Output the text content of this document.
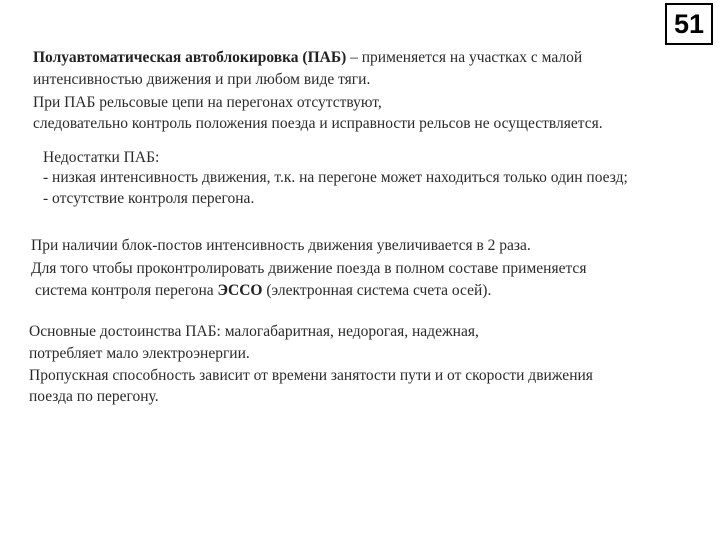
51
Полуавтоматическая автоблокировка (ПАБ) – применяется на участках с малой
интенсивностью движения и при любом виде тяги.
При ПАБ рельсовые цепи на перегонах отсутствуют,
следовательно контроль положения поезда и исправности рельсов не осуществляется.
Недостатки ПАБ:
- низкая интенсивность движения, т.к. на перегоне может находиться только один поезд;
- отсутствие контроля перегона.
При наличии блок-постов интенсивность движения увеличивается в 2 раза.
Для того чтобы проконтролировать движение поезда в полном составе применяется
система контроля перегона ЭССО (электронная система счета осей).
Основные достоинства ПАБ: малогабаритная, недорогая, надежная,
потребляет мало электроэнергии.
Пропускная способность зависит от времени занятости пути и от скорости движения
поезда по перегону.
